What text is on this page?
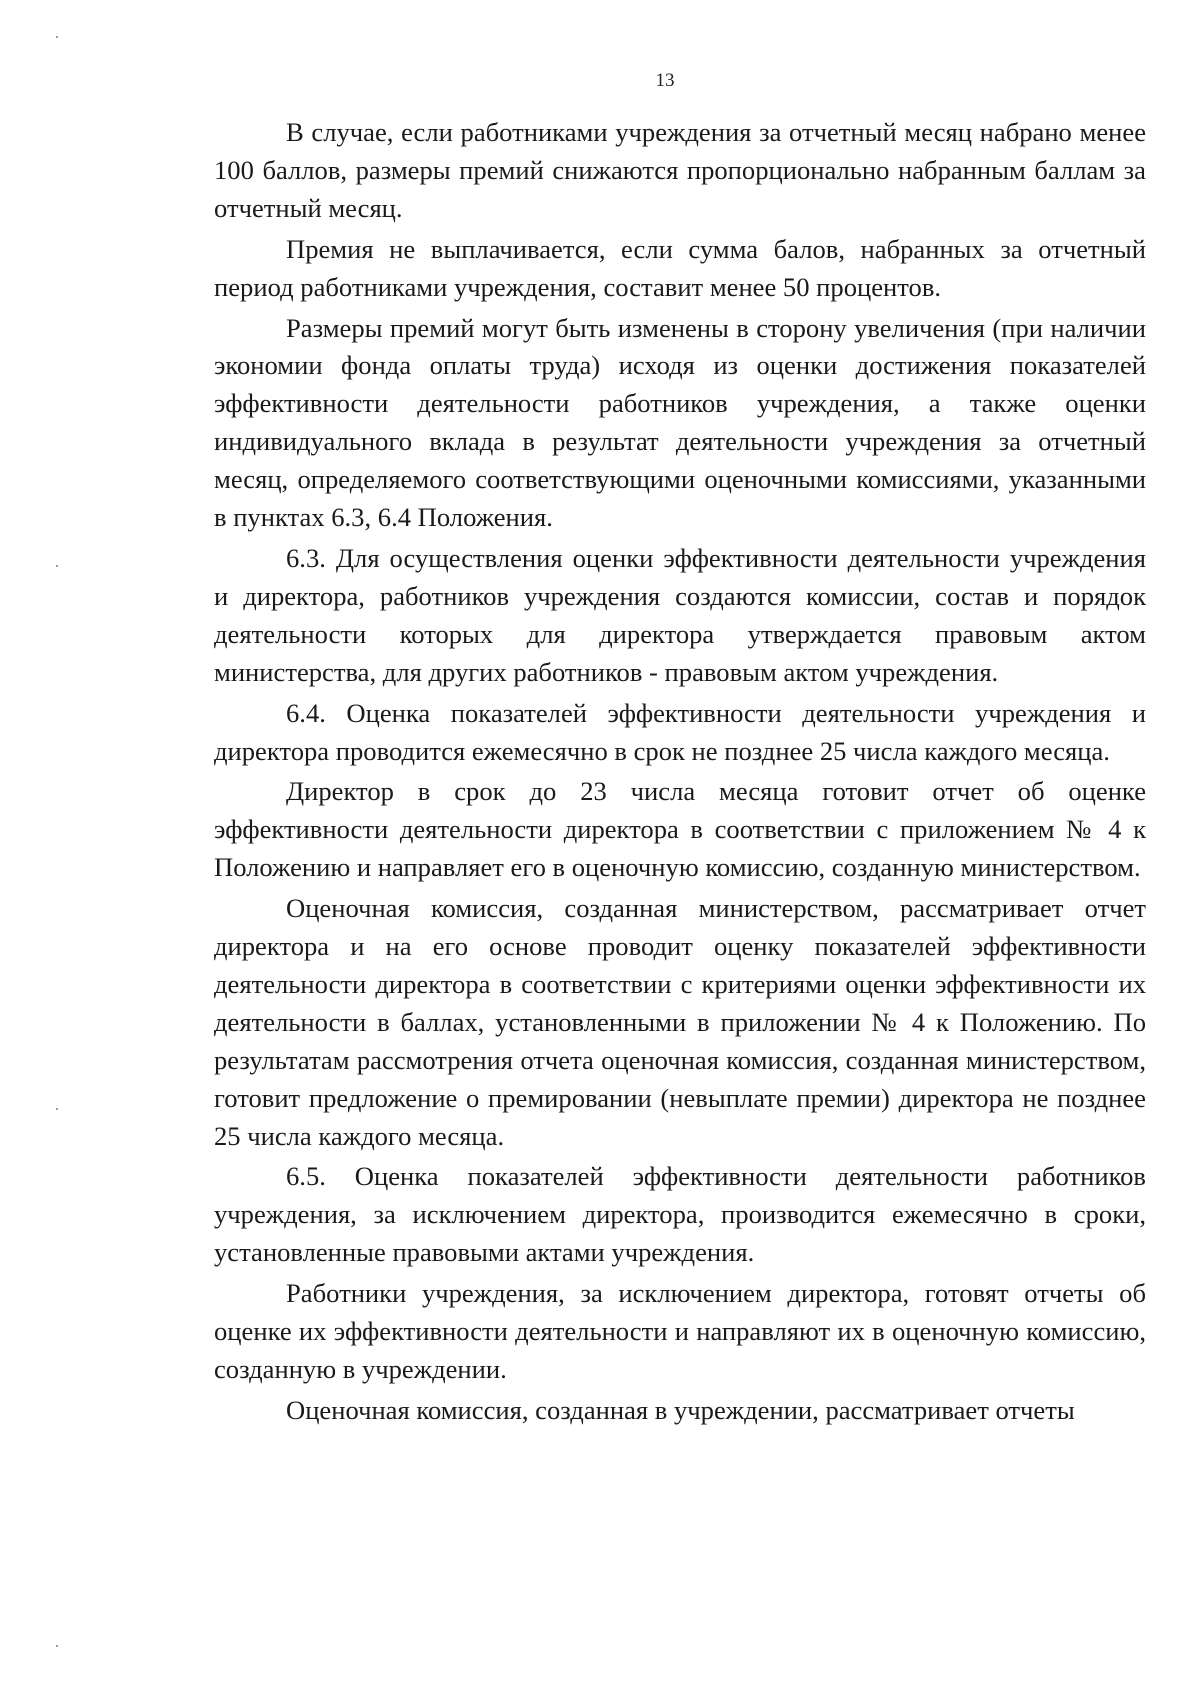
13

В случае, если работниками учреждения за отчетный месяц набрано менее 100 баллов, размеры премий снижаются пропорционально набранным баллам за отчетный месяц.

Премия не выплачивается, если сумма балов, набранных за отчетный период работниками учреждения, составит менее 50 процентов.

Размеры премий могут быть изменены в сторону увеличения (при наличии экономии фонда оплаты труда) исходя из оценки достижения показателей эффективности деятельности работников учреждения, а также оценки индивидуального вклада в результат деятельности учреждения за отчетный месяц, определяемого соответствующими оценочными комиссиями, указанными в пунктах 6.3, 6.4 Положения.

6.3. Для осуществления оценки эффективности деятельности учреждения и директора, работников учреждения создаются комиссии, состав и порядок деятельности которых для директора утверждается правовым актом министерства, для других работников - правовым актом учреждения.

6.4. Оценка показателей эффективности деятельности учреждения и директора проводится ежемесячно в срок не позднее 25 числа каждого месяца.

Директор в срок до 23 числа месяца готовит отчет об оценке эффективности деятельности директора в соответствии с приложением № 4 к Положению и направляет его в оценочную комиссию, созданную министерством.

Оценочная комиссия, созданная министерством, рассматривает отчет директора и на его основе проводит оценку показателей эффективности деятельности директора в соответствии с критериями оценки эффективности их деятельности в баллах, установленными в приложении № 4 к Положению. По результатам рассмотрения отчета оценочная комиссия, созданная министерством, готовит предложение о премировании (невыплате премии) директора не позднее 25 числа каждого месяца.

6.5. Оценка показателей эффективности деятельности работников учреждения, за исключением директора, производится ежемесячно в сроки, установленные правовыми актами учреждения.

Работники учреждения, за исключением директора, готовят отчеты об оценке их эффективности деятельности и направляют их в оценочную комиссию, созданную в учреждении.

Оценочная комиссия, созданная в учреждении, рассматривает отчеты
